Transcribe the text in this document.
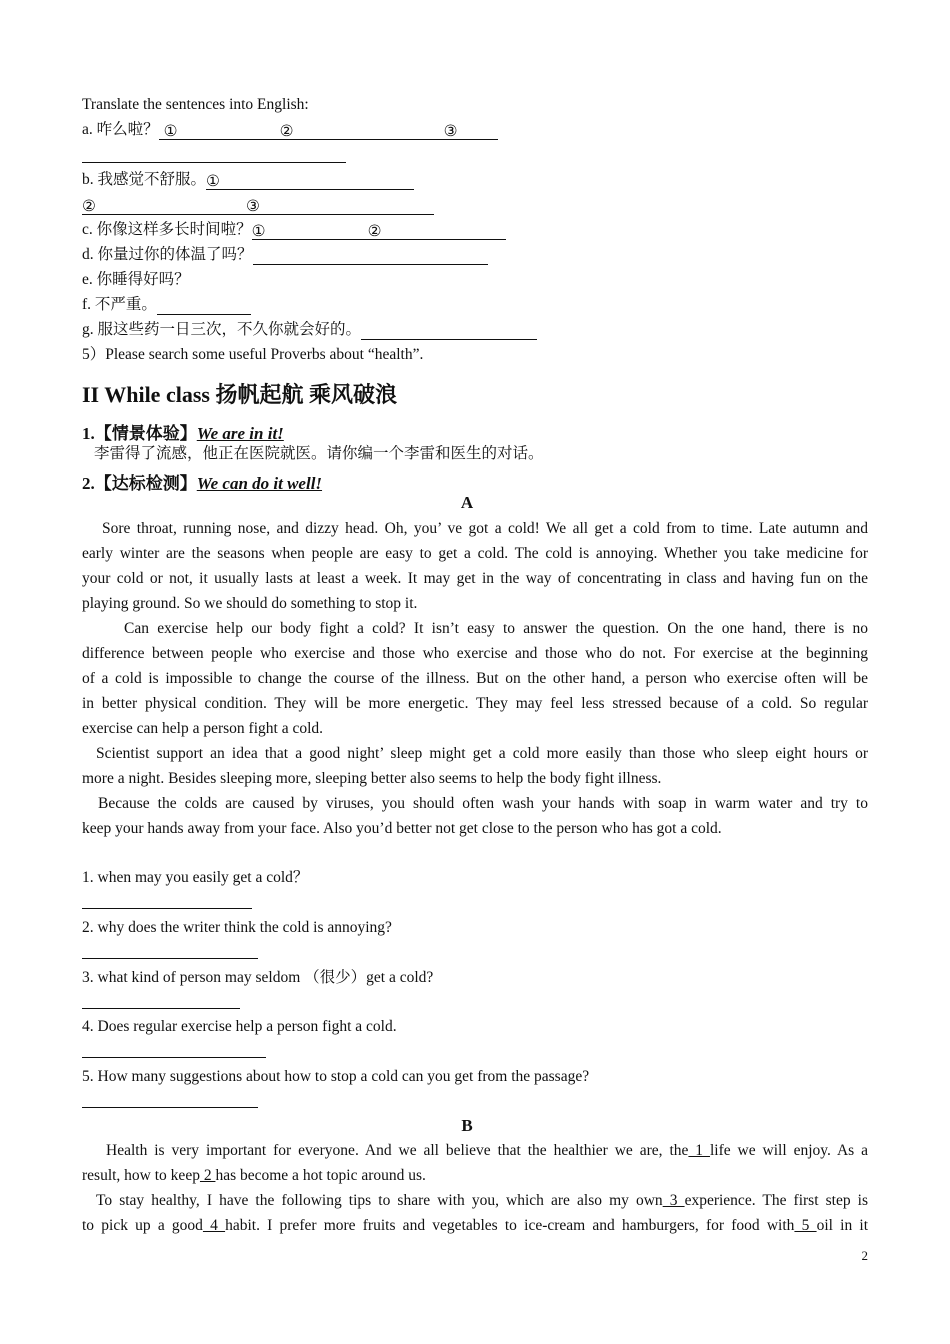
Translate the sentences into English:
a. 咋么啦？ ①	②	③
b. 我感觉不舒服。①
②	③
c. 你像这样多长时间啦？①	②
d. 你量过你的体温了吗？
e. 你睡得好吗？
f. 不严重。
g. 服这些药一日三次，不久你就会好的。
5）Please search some useful Proverbs about “health”.
II While class 扬帆起航 乘风破浪
1.【情景体验】We are in it!
李雷得了流感，他正在医院就医。请你编一个李雷和医生的对话。
2.【达标检测】We can do it well!
A
Sore throat, running nose, and dizzy head. Oh, you’ ve got a cold! We all get a cold from to time. Late autumn and
early winter are the seasons when people are easy to get a cold. The cold is annoying. Whether you take medicine for
your cold or not, it usually lasts at least a week. It may get in the way of concentrating in class and having fun on the
playing ground. So we should do something to stop it.
Can exercise help our body fight a cold? It isn’t easy to answer the question. On the one hand, there is no
difference between people who exercise and those who exercise and those who do not. For exercise at the beginning
of a cold is impossible to change the course of the illness. But on the other hand, a person who exercise often will be
in better physical condition. They will be more energetic. They may feel less stressed because of a cold. So regular
exercise can help a person fight a cold.
Scientist support an idea that a good night’ sleep might get a cold more easily than those who sleep eight hours or
more a night. Besides sleeping more, sleeping better also seems to help the body fight illness.
Because the colds are caused by viruses, you should often wash your hands with soap in warm water and try to
keep your hands away from your face. Also you’d better not get close to the person who has got a cold.
1. when may you easily get a cold？
2. why does the writer think the cold is annoying?
3. what kind of person may seldom （很少）get a cold?
4. Does regular exercise help a person fight a cold.
5. How many suggestions about how to stop a cold can you get from the passage?
B
Health is very important for everyone. And we all believe that the healthier we are, the 1 life we will enjoy. As a
result, how to keep 2 has become a hot topic around us.
To stay healthy, I have the following tips to share with you, which are also my own 3 experience. The first step is
to pick up a good 4 habit. I prefer more fruits and vegetables to ice-cream and hamburgers, for food with 5 oil in it
2
